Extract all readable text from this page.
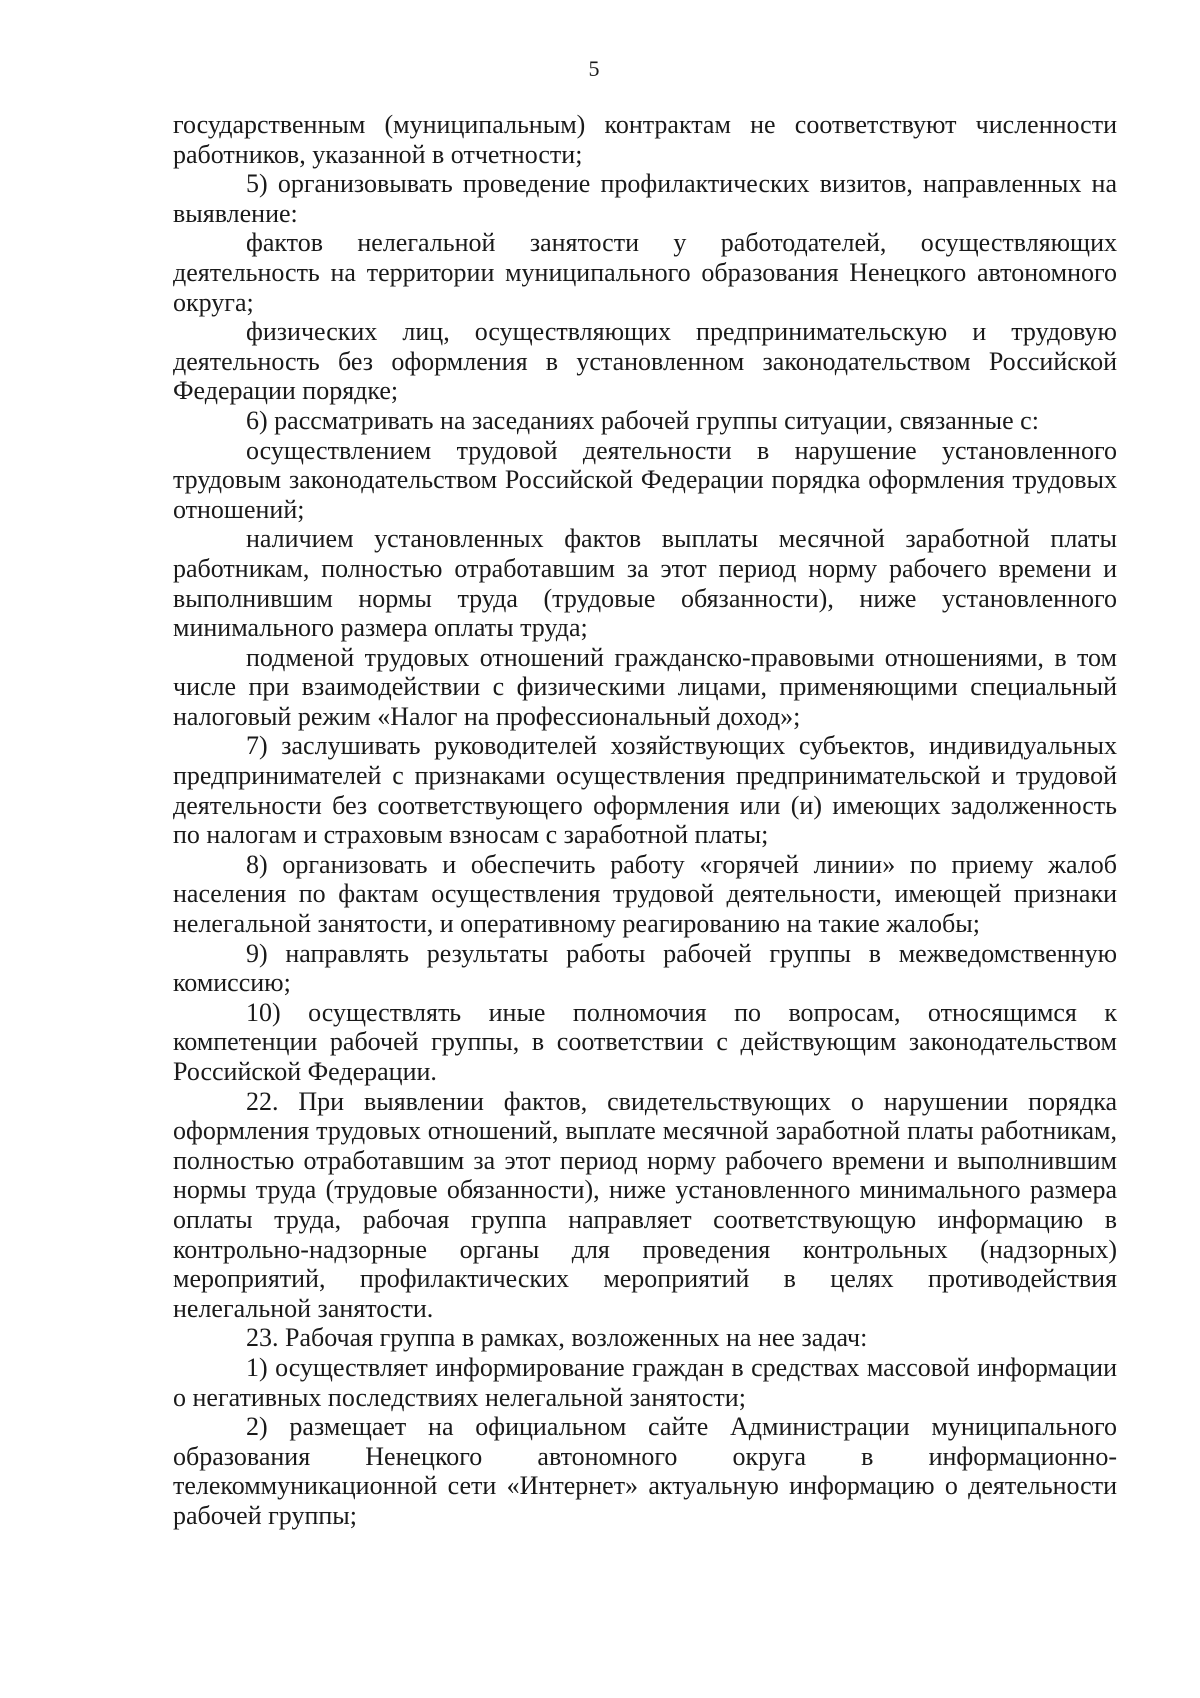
5

государственным (муниципальным) контрактам не соответствуют численности работников, указанной в отчетности;

5) организовывать проведение профилактических визитов, направленных на выявление:

фактов нелегальной занятости у работодателей, осуществляющих деятельность на территории муниципального образования Ненецкого автономного округа;

физических лиц, осуществляющих предпринимательскую и трудовую деятельность без оформления в установленном законодательством Российской Федерации порядке;

6) рассматривать на заседаниях рабочей группы ситуации, связанные с:

осуществлением трудовой деятельности в нарушение установленного трудовым законодательством Российской Федерации порядка оформления трудовых отношений;

наличием установленных фактов выплаты месячной заработной платы работникам, полностью отработавшим за этот период норму рабочего времени и выполнившим нормы труда (трудовые обязанности), ниже установленного минимального размера оплаты труда;

подменой трудовых отношений гражданско-правовыми отношениями, в том числе при взаимодействии с физическими лицами, применяющими специальный налоговый режим «Налог на профессиональный доход»;

7) заслушивать руководителей хозяйствующих субъектов, индивидуальных предпринимателей с признаками осуществления предпринимательской и трудовой деятельности без соответствующего оформления или (и) имеющих задолженность по налогам и страховым взносам с заработной платы;

8) организовать и обеспечить работу «горячей линии» по приему жалоб населения по фактам осуществления трудовой деятельности, имеющей признаки нелегальной занятости, и оперативному реагированию на такие жалобы;

9) направлять результаты работы рабочей группы в межведомственную комиссию;

10) осуществлять иные полномочия по вопросам, относящимся к компетенции рабочей группы, в соответствии с действующим законодательством Российской Федерации.

22. При выявлении фактов, свидетельствующих о нарушении порядка оформления трудовых отношений, выплате месячной заработной платы работникам, полностью отработавшим за этот период норму рабочего времени и выполнившим нормы труда (трудовые обязанности), ниже установленного минимального размера оплаты труда, рабочая группа направляет соответствующую информацию в контрольно-надзорные органы для проведения контрольных (надзорных) мероприятий, профилактических мероприятий в целях противодействия нелегальной занятости.

23. Рабочая группа в рамках, возложенных на нее задач:

1) осуществляет информирование граждан в средствах массовой информации о негативных последствиях нелегальной занятости;

2) размещает на официальном сайте Администрации муниципального образования Ненецкого автономного округа в информационно-телекоммуникационной сети «Интернет» актуальную информацию о деятельности рабочей группы;
